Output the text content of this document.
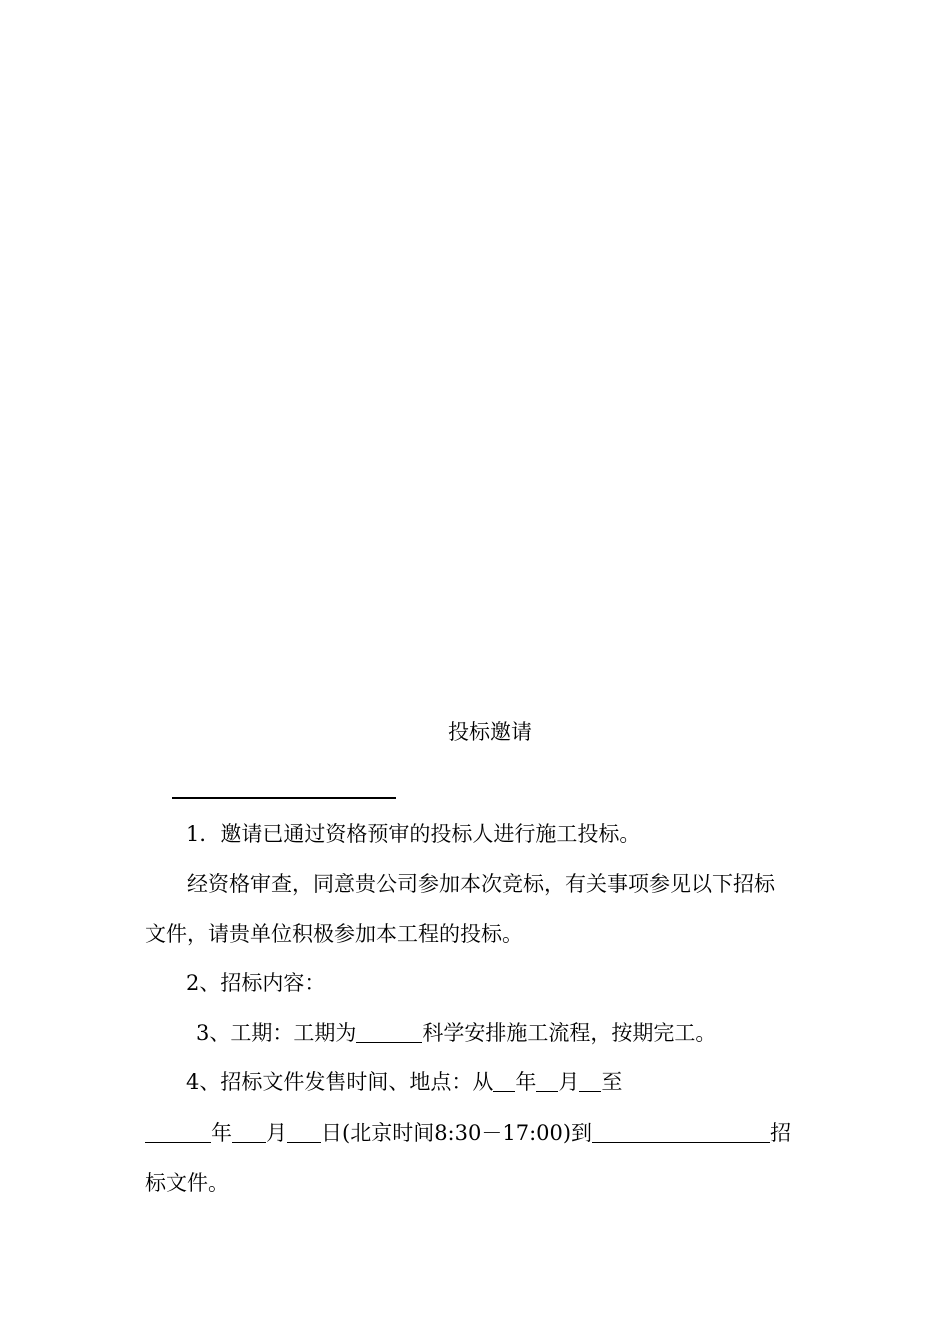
投标邀请
1．邀请已通过资格预审的投标人进行施工投标。
经资格审查，同意贵公司参加本次竞标，有关事项参见以下招标
文件，请贵单位积极参加本工程的投标。
2、招标内容：
3、工期：工期为	科学安排施工流程，按期完工。
4、招标文件发售时间、地点：从 年 月 至
年 月 日(北京时间8:30－17:00)到	招
标文件。
